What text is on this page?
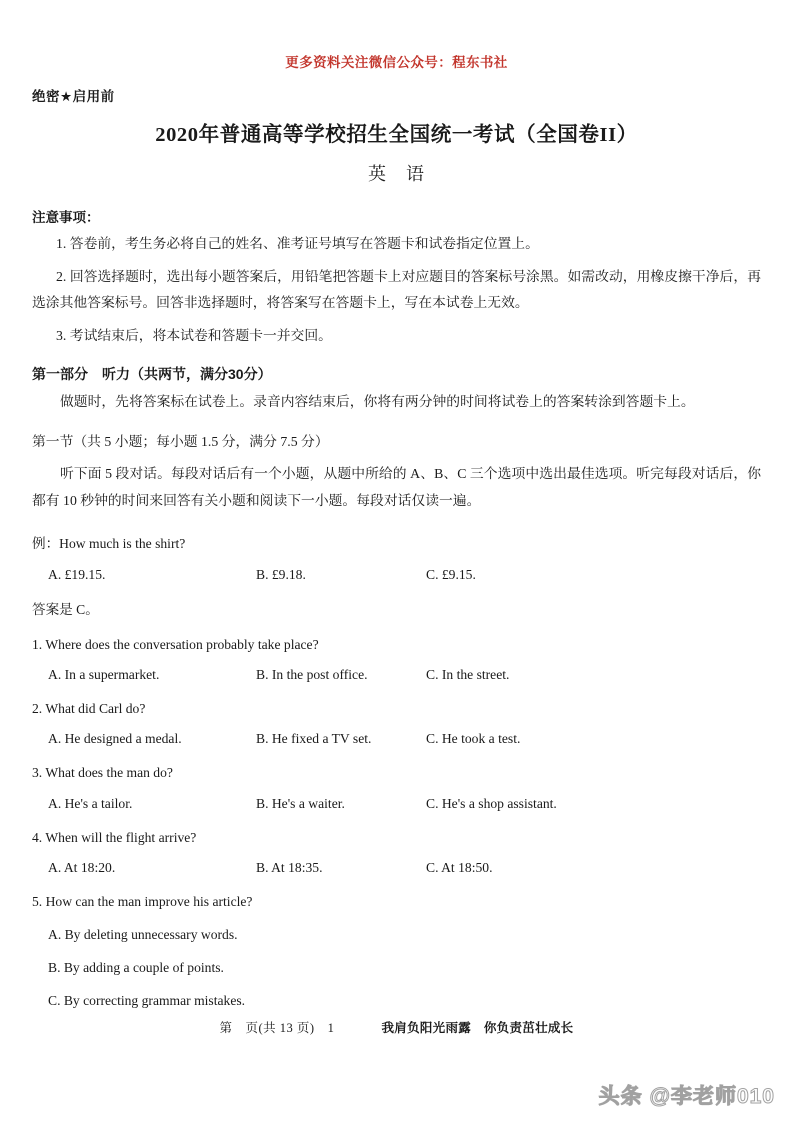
更多资料关注微信公众号：程东书社
绝密★启用前
2020年普通高等学校招生全国统一考试（全国卷II）
英　语
注意事项：
1. 答卷前，考生务必将自己的姓名、准考证号填写在答题卡和试卷指定位置上。
2. 回答选择题时，选出每小题答案后，用铅笔把答题卡上对应题目的答案标号涂黑。如需改动，用橡皮擦干净后，再选涂其他答案标号。回答非选择题时，将答案写在答题卡上，写在本试卷上无效。
3. 考试结束后，将本试卷和答题卡一并交回。
第一部分　听力（共两节，满分30分）
做题时，先将答案标在试卷上。录音内容结束后，你将有两分钟的时间将试卷上的答案转涂到答题卡上。
第一节（共 5 小题；每小题 1.5 分，满分 7.5 分）
听下面 5 段对话。每段对话后有一个小题，从题中所给的 A、B、C 三个选项中选出最佳选项。听完每段对话后，你都有 10 秒钟的时间来回答有关小题和阅读下一小题。每段对话仅读一遍。
例：How much is the shirt?
A. £19.15.	B. £9.18.	C. £9.15.
答案是 C。
1. Where does the conversation probably take place?
A. In a supermarket.	B. In the post office.	C. In the street.
2. What did Carl do?
A. He designed a medal.	B. He fixed a TV set.	C. He took a test.
3. What does the man do?
A. He's a tailor.	B. He's a waiter.	C. He's a shop assistant.
4. When will the flight arrive?
A. At 18:20.	B. At 18:35.	C. At 18:50.
5. How can the man improve his article?
A. By deleting unnecessary words.
B. By adding a couple of points.
C. By correcting grammar mistakes.
第　页(共 13 页)　1	我肩负阳光雨露　你负责茁壮成长
头条 @李老师010
